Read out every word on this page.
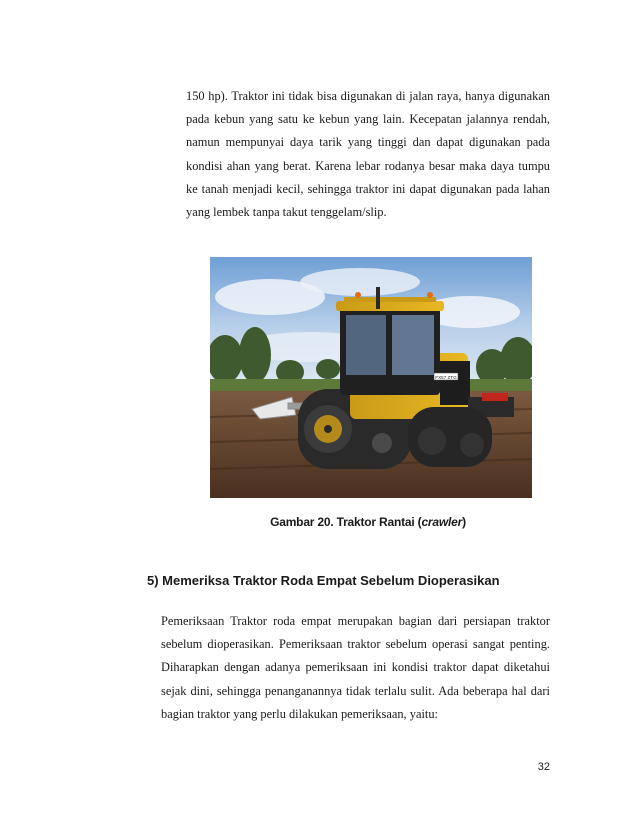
150 hp). Traktor ini tidak bisa digunakan di jalan raya, hanya digunakan pada kebun yang satu ke kebun yang lain. Kecepatan jalannya rendah, namun mempunyai daya tarik yang tinggi dan dapat digunakan pada kondisi ahan yang berat. Karena lebar rodanya besar maka daya tumpu ke tanah menjadi kecil, sehingga traktor ini dapat digunakan pada lahan yang lembek tanpa takut tenggelam/slip.

FX57 ZTG
Gambar 20. Traktor Rantai (crawler)
5) Memeriksa Traktor Roda Empat Sebelum Dioperasikan

Pemeriksaan Traktor roda empat merupakan bagian dari persiapan traktor sebelum dioperasikan. Pemeriksaan traktor sebelum operasi sangat penting. Diharapkan dengan adanya pemeriksaan ini kondisi traktor dapat diketahui sejak dini, sehingga penanganannya tidak terlalu sulit. Ada beberapa hal dari bagian traktor yang perlu dilakukan pemeriksaan, yaitu:

32
